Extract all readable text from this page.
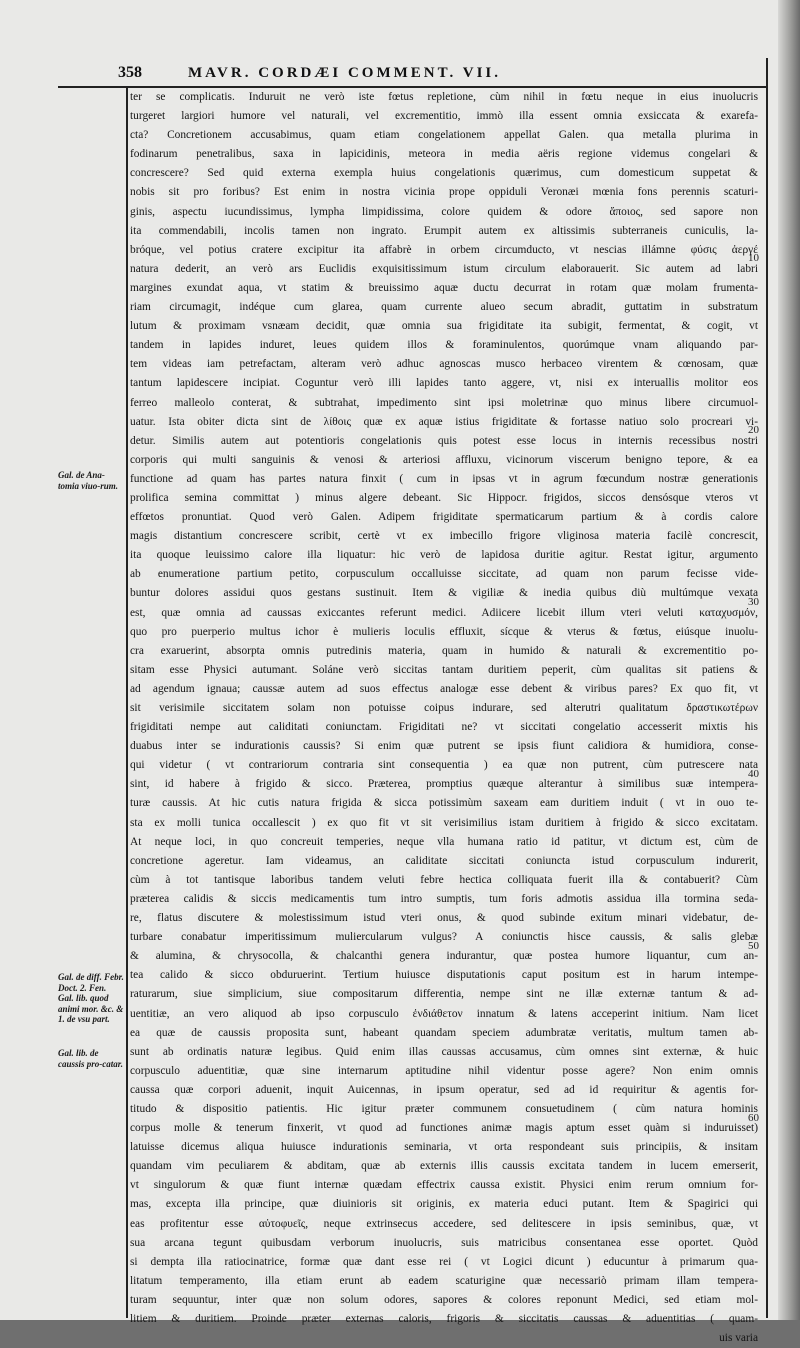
358	MAVR. CORDÆI COMMENT. VII.
ter se complicatis. Induruit ne verò iste fœtus repletione, cùm nihil in fœtu neque in eius inuolucris
turgeret largiori humore vel naturali, vel excrementitio, immò illa essent omnia exsiccata & exarefa-
cta? Concretionem accusabimus, quam etiam congelationem appellat Galen. qua metalla plurima in
fodinarum penetralibus, saxa in lapicidinis, meteora in media aëris regione videmus congelari &
concrescere? Sed quid externa exempla huius congelationis quærimus, cum domesticum suppetat &
nobis sit pro foribus? Est enim in nostra vicinia prope oppiduli Veronæi mœnia fons perennis scaturi-
ginis, aspectu iucundissimus, lympha limpidissima, colore quidem & odore ἄποιος, sed sapore non
ita commendabili, incolis tamen non ingrato. Erumpit autem ex altissimis subterraneis cuniculis, la-
bróque, vel potius cratere excipitur ita affabrè in orbem circumducto, vt nescias illámne φύσις ἀεργέ
natura dederit, an verò ars Euclidis exquisitissimum istum circulum elaborauerit. Sic autem ad labri
margines exundat aqua, vt statim & breuissimo aquæ ductu decurrat in rotam quæ molam frumenta-
riam circumagit, indéque cum glarea, quam currente alueo secum abradit, guttatim in substratum
lutum & proximam vsnæam decidit, quæ omnia sua frigiditate ita subigit, fermentat, & cogit, vt
tandem in lapides induret, leues quidem illos & foraminulentos, quorúmque vnam aliquando par-
tem videas iam petrefactam, alteram verò adhuc agnoscas musco herbaceo virentem & cœnosam, quæ
tantum lapidescere incipiat. Coguntur verò illi lapides tanto aggere, vt, nisi ex interuallis molitor eos
ferreo malleolo conterat, & subtrahat, impedimento sint ipsi moletrinæ quo minus libere circumuol-
uatur. Ista obiter dicta sint de λίθοις quæ ex aquæ istius frigiditate & fortasse natiuo solo procreari vi-
detur. Similis autem aut potentioris congelationis quis potest esse locus in internis recessibus nostri
corporis qui multi sanguinis & venosi & arteriosi affluxu, vicinorum viscerum benigno tepore, & ea
functione ad quam has partes natura finxit ( cum in ipsas vt in agrum fœcundum nostræ generationis
prolifica semina committat ) minus algere debeant. Sic Hippocr. frigidos, siccos densósque vteros vt
effœtos pronuntiat. Quod verò Galen. Adipem frigiditate spermaticarum partium & à cordis calore
magis distantium concrescere scribit, certè vt ex imbecillo frigore vliginosa materia facilè concrescit,
ita quoque leuissimo calore illa liquatur: hic verò de lapidosa duritie agitur. Restat igitur, argumento
ab enumeratione partium petito, corpusculum occalluisse siccitate, ad quam non parum fecisse vide-
buntur dolores assidui quos gestans sustinuit. Item & vigiliæ & inedia quibus diù multúmque vexata
est, quæ omnia ad caussas exiccantes referunt medici. Adiicere licebit illum vteri veluti καταχυσμόν,
quo pro puerperio multus ichor è mulieris loculis effluxit, sícque & vterus & fœtus, eiúsque inuolu-
cra exaruerint, absorpta omnis putredinis materia, quam in humido & naturali & excrementitio po-
sitam esse Physici autumant. Soláne verò siccitas tantam duritiem peperit, cùm qualitas sit patiens &
ad agendum ignaua; caussæ autem ad suos effectus analogæ esse debent & viribus pares? Ex quo fit, vt
sit verisimile siccitatem solam non potuisse coipus indurare, sed alterutri qualitatum δραστικωτέρων
frigiditati nempe aut caliditati coniunctam. Frigiditati ne? vt siccitati congelatio accesserit mixtis his
duabus inter se indurationis caussis? Si enim quæ putrent se ipsis fiunt calidiora & humidiora, conse-
qui videtur ( vt contrariorum contraria sint consequentia ) ea quæ non putrent, cùm putrescere nata
sint, id habere à frigido & sicco. Præterea, promptius quæque alterantur à similibus suæ intempera-
turæ caussis. At hic cutis natura frigida & sicca potissimùm saxeam eam duritiem induit ( vt in ouo te-
sta ex molli tunica occallescit ) ex quo fit vt sit verisimilius istam duritiem à frigido & sicco excitatam.
At neque loci, in quo concreuit temperies, neque vlla humana ratio id patitur, vt dictum est, cùm de
concretione ageretur. Iam videamus, an caliditate siccitati coniuncta istud corpusculum indurerit,
cùm à tot tantisque laboribus tandem veluti febre hectica colliquata fuerit illa & contabuerit? Cùm
præterea calidis & siccis medicamentis tum intro sumptis, tum foris admotis assidua illa tormina seda-
re, flatus discutere & molestissimum istud vteri onus, & quod subinde exitum minari videbatur, de-
turbare conabatur imperitissimum muliercularum vulgus? A coniunctis hisce caussis, & salis glebæ
& alumina, & chrysocolla, & chalcanthi genera indurantur, quæ postea humore liquantur, cum an-
tea calido & sicco obduruerint. Tertium huiusce disputationis caput positum est in harum intempe-
raturarum, siue simplicium, siue compositarum differentia, nempe sint ne illæ externæ tantum & ad-
uentitiæ, an vero aliquod ab ipso corpusculo ἐνδιάθετον innatum & latens acceperint initium. Nam licet
ea quæ de caussis proposita sunt, habeant quandam speciem adumbratæ veritatis, multum tamen ab-
sunt ab ordinatis naturæ legibus. Quid enim illas caussas accusamus, cùm omnes sint externæ, & huic
corpusculo aduentitiæ, quæ sine internarum aptitudine nihil videntur posse agere? Non enim omnis
caussa quæ corpori aduenit, inquit Auicennas, in ipsum operatur, sed ad id requiritur & agentis for-
titudo & dispositio patientis. Hic igitur præter communem consuetudinem ( cùm natura hominis
corpus molle & tenerum finxerit, vt quod ad functiones animæ magis aptum esset quàm si induruisset)
latuisse dicemus aliqua huiusce indurationis seminaria, vt orta respondeant suis principiis, & insitam
quandam vim peculiarem & abditam, quæ ab externis illis caussis excitata tandem in lucem emerserit,
vt singulorum & quæ fiunt internæ quædam effectrix caussa existit. Physici enim rerum omnium for-
mas, excepta illa principe, quæ diuinioris sit originis, ex materia educi putant. Item & Spagirici qui
eas profitentur esse αὐτοφυεῖς, neque extrinsecus accedere, sed delitescere in ipsis seminibus, quæ, vt
sua arcana tegunt quibusdam verborum inuolucris, suis matricibus consentanea esse oportet. Quòd
si dempta illa ratiocinatrice, formæ quæ dant esse rei ( vt Logici dicunt ) educuntur à primarum qua-
litatum temperamento, illa etiam erunt ab eadem scaturigine quæ necessariò primam illam tempera-
turam sequuntur, inter quæ non solum odores, sapores & colores reponunt Medici, sed etiam mol-
litiem & duritiem. Proinde præter externas caloris, frigoris & siccitatis caussas & aduentitias ( quam-
uis varia
Gal. de Ana-tomia viuo-rum.
Gal. de diff. Febr. Doct. 2. Fen. Gal. lib. quod animi mor. &c. & 1. de vsu part.
Gal. lib. de caussis pro-catar.
10
20
30
40
50
60
